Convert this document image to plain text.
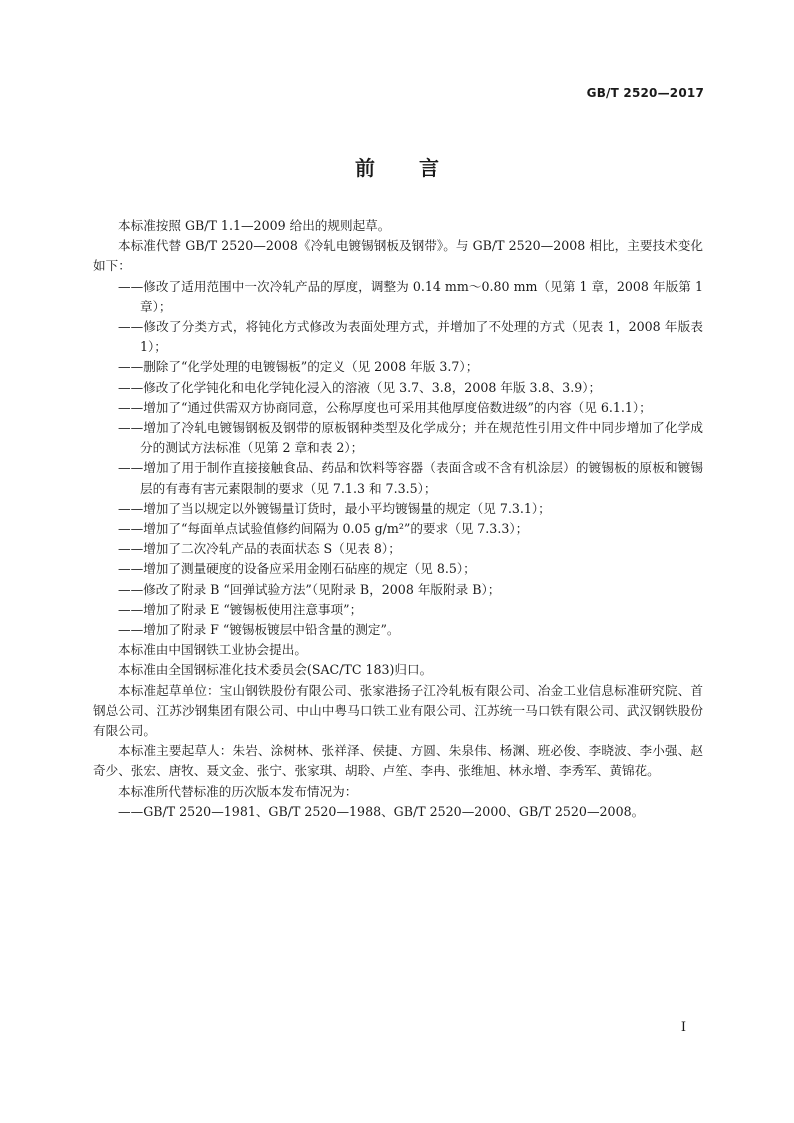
GB/T 2520—2017
前言

本标准按照 GB/T 1.1—2009 给出的规则起草。

本标准代替 GB/T 2520—2008《冷轧电镀锡钢板及钢带》。与 GB/T 2520—2008 相比，主要技术变化如下：

——修改了适用范围中一次冷轧产品的厚度，调整为 0.14 mm～0.80 mm（见第 1 章，2008 年版第 1 章）；

——修改了分类方式，将钝化方式修改为表面处理方式，并增加了不处理的方式（见表 1，2008 年版表 1）；

——删除了“化学处理的电镀锡板”的定义（见 2008 年版 3.7）；

——修改了化学钝化和电化学钝化浸入的溶液（见 3.7、3.8，2008 年版 3.8、3.9）；

——增加了“通过供需双方协商同意，公称厚度也可采用其他厚度倍数进级”的内容（见 6.1.1）；

——增加了冷轧电镀锡钢板及钢带的原板钢种类型及化学成分；并在规范性引用文件中同步增加了化学成分的测试方法标准（见第 2 章和表 2）；

——增加了用于制作直接接触食品、药品和饮料等容器（表面含或不含有机涂层）的镀锡板的原板和镀锡层的有毒有害元素限制的要求（见 7.1.3 和 7.3.5）；

——增加了当以规定以外镀锡量订货时，最小平均镀锡量的规定（见 7.3.1）；

——增加了“每面单点试验值修约间隔为 0.05 g/m²”的要求（见 7.3.3）；

——增加了二次冷轧产品的表面状态 S（见表 8）；

——增加了测量硬度的设备应采用金刚石砧座的规定（见 8.5）；

——修改了附录 B “回弹试验方法”（见附录 B，2008 年版附录 B）；

——增加了附录 E “镀锡板使用注意事项”；

——增加了附录 F “镀锡板镀层中铅含量的测定”。

本标准由中国钢铁工业协会提出。

本标准由全国钢标准化技术委员会(SAC/TC 183)归口。

本标准起草单位：宝山钢铁股份有限公司、张家港扬子江冷轧板有限公司、冶金工业信息标准研究院、首钢总公司、江苏沙钢集团有限公司、中山中粤马口铁工业有限公司、江苏统一马口铁有限公司、武汉钢铁股份有限公司。

本标准主要起草人：朱岩、涂树林、张祥泽、侯捷、方圆、朱泉伟、杨渊、班必俊、李晓波、李小强、赵奇少、张宏、唐牧、聂文金、张宁、张家琪、胡聆、卢笙、李冉、张维旭、林永增、李秀军、黄锦花。

本标准所代替标准的历次版本发布情况为：

——GB/T 2520—1981、GB/T 2520—1988、GB/T 2520—2000、GB/T 2520—2008。

I
